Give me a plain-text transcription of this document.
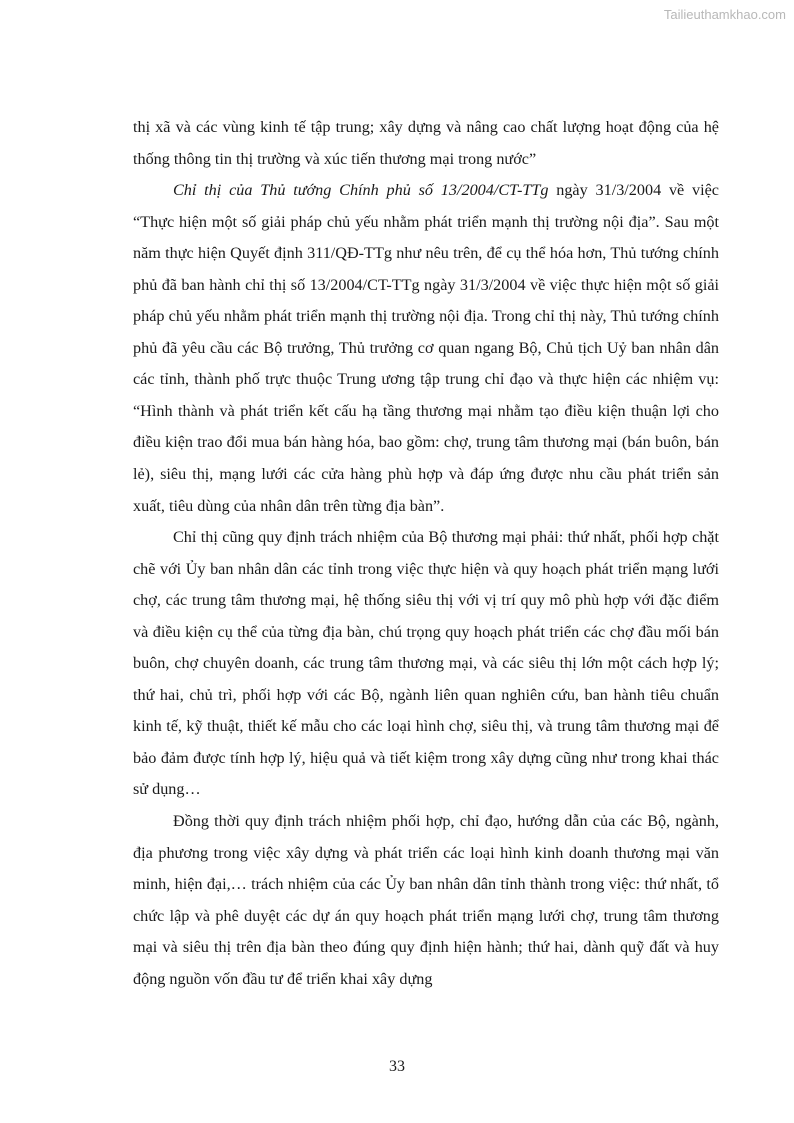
Tailieuthamkhao.com

thị xã và các vùng kinh tế tập trung; xây dựng và nâng cao chất lượng hoạt động của hệ thống thông tin thị trường và xúc tiến thương mại trong nước”

Chỉ thị của Thủ tướng Chính phủ số 13/2004/CT-TTg ngày 31/3/2004 về việc “Thực hiện một số giải pháp chủ yếu nhằm phát triển mạnh thị trường nội địa”. Sau một năm thực hiện Quyết định 311/QĐ-TTg như nêu trên, để cụ thể hóa hơn, Thủ tướng chính phủ đã ban hành chỉ thị số 13/2004/CT-TTg ngày 31/3/2004 về việc thực hiện một số giải pháp chủ yếu nhằm phát triển mạnh thị trường nội địa. Trong chỉ thị này, Thủ tướng chính phủ đã yêu cầu các Bộ trưởng, Thủ trưởng cơ quan ngang Bộ, Chủ tịch Uỷ ban nhân dân các tỉnh, thành phố trực thuộc Trung ương tập trung chỉ đạo và thực hiện các nhiệm vụ: “Hình thành và phát triển kết cấu hạ tầng thương mại nhằm tạo điều kiện thuận lợi cho điều kiện trao đổi mua bán hàng hóa, bao gồm: chợ, trung tâm thương mại (bán buôn, bán lẻ), siêu thị, mạng lưới các cửa hàng phù hợp và đáp ứng được nhu cầu phát triển sản xuất, tiêu dùng của nhân dân trên từng địa bàn”.

Chỉ thị cũng quy định trách nhiệm của Bộ thương mại phải: thứ nhất, phối hợp chặt chẽ với Ủy ban nhân dân các tỉnh trong việc thực hiện và quy hoạch phát triển mạng lưới chợ, các trung tâm thương mại, hệ thống siêu thị với vị trí quy mô phù hợp với đặc điểm và điều kiện cụ thể của từng địa bàn, chú trọng quy hoạch phát triển các chợ đầu mối bán buôn, chợ chuyên doanh, các trung tâm thương mại, và các siêu thị lớn một cách hợp lý; thứ hai, chủ trì, phối hợp với các Bộ, ngành liên quan nghiên cứu, ban hành tiêu chuẩn kinh tế, kỹ thuật, thiết kế mẫu cho các loại hình chợ, siêu thị, và trung tâm thương mại để bảo đảm được tính hợp lý, hiệu quả và tiết kiệm trong xây dựng cũng như trong khai thác sử dụng…

Đồng thời quy định trách nhiệm phối hợp, chỉ đạo, hướng dẫn của các Bộ, ngành, địa phương trong việc xây dựng và phát triển các loại hình kinh doanh thương mại văn minh, hiện đại,… trách nhiệm của các Ủy ban nhân dân tỉnh thành trong việc: thứ nhất, tổ chức lập và phê duyệt các dự án quy hoạch phát triển mạng lưới chợ, trung tâm thương mại và siêu thị trên địa bàn theo đúng quy định hiện hành; thứ hai, dành quỹ đất và huy động nguồn vốn đầu tư để triển khai xây dựng

33
